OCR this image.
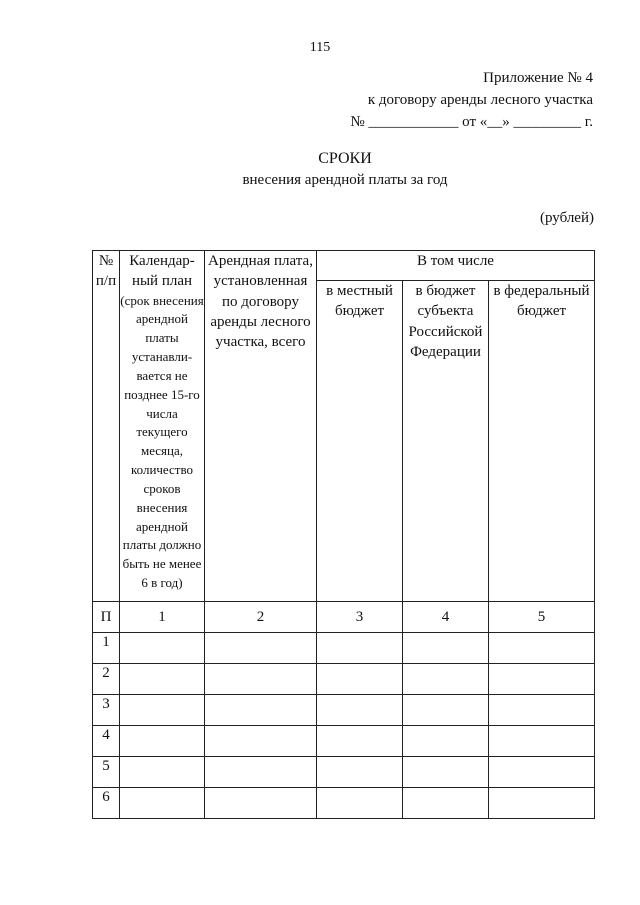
115
Приложение № 4
к договору аренды лесного участка
№ ____________ от «__» _________ г.
СРОКИ
внесения арендной платы за год
(рублей)
№ п/п	Календар- ный план
(срок внесения арендной платы устанавли- вается не позднее 15-го числа текущего месяца, количество сроков внесения арендной платы должно быть не менее 6 в год)	Арендная плата, установленная по договору аренды лесного участка, всего	В том числе		
			в местный бюджет	в бюджет субъекта Российской Федерации	в федеральный бюджет
П	1	2	3	4	5
1					
2					
3					
4					
5					
6					
